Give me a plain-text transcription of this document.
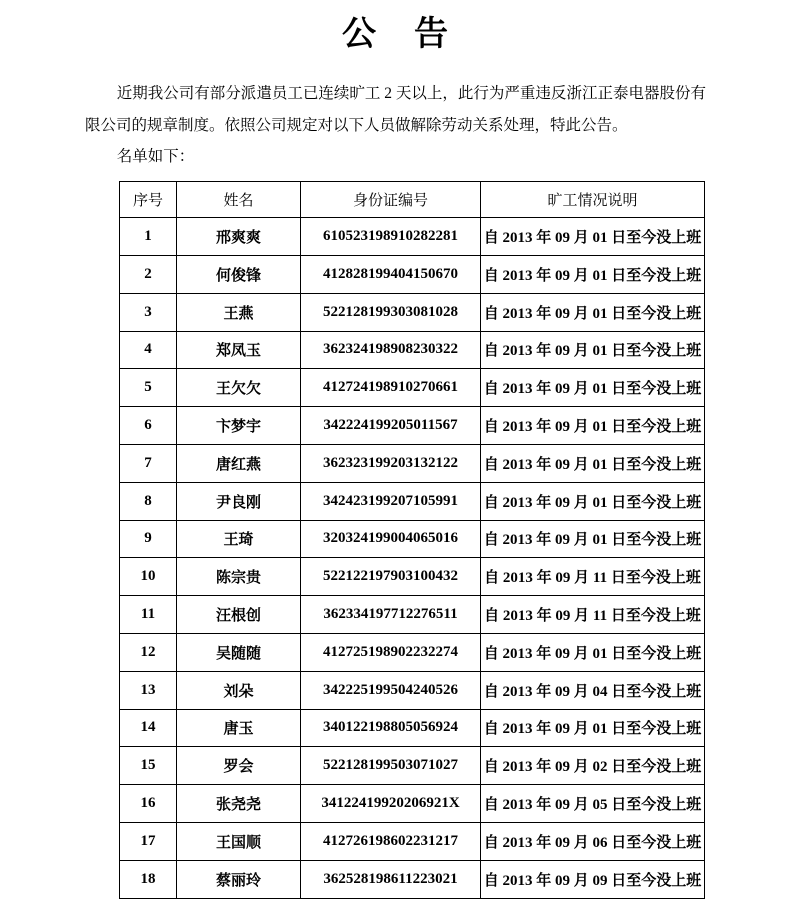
公　告

近期我公司有部分派遣员工已连续旷工 2 天以上，此行为严重违反浙江正泰电器股份有限公司的规章制度。依照公司规定对以下人员做解除劳动关系处理，特此公告。

名单如下：

序号	姓名	身份证编号	旷工情况说明
1	邢爽爽	610523198910282281	自 2013 年 09 月 01 日至今没上班
2	何俊锋	412828199404150670	自 2013 年 09 月 01 日至今没上班
3	王燕	522128199303081028	自 2013 年 09 月 01 日至今没上班
4	郑凤玉	362324198908230322	自 2013 年 09 月 01 日至今没上班
5	王欠欠	412724198910270661	自 2013 年 09 月 01 日至今没上班
6	卞梦宇	342224199205011567	自 2013 年 09 月 01 日至今没上班
7	唐红燕	362323199203132122	自 2013 年 09 月 01 日至今没上班
8	尹良刚	342423199207105991	自 2013 年 09 月 01 日至今没上班
9	王琦	320324199004065016	自 2013 年 09 月 01 日至今没上班
10	陈宗贵	522122197903100432	自 2013 年 09 月 11 日至今没上班
11	汪根创	362334197712276511	自 2013 年 09 月 11 日至今没上班
12	吴随随	412725198902232274	自 2013 年 09 月 01 日至今没上班
13	刘朵	342225199504240526	自 2013 年 09 月 04 日至今没上班
14	唐玉	340122198805056924	自 2013 年 09 月 01 日至今没上班
15	罗会	522128199503071027	自 2013 年 09 月 02 日至今没上班
16	张尧尧	34122419920206921X	自 2013 年 09 月 05 日至今没上班
17	王国顺	412726198602231217	自 2013 年 09 月 06 日至今没上班
18	蔡丽玲	362528198611223021	自 2013 年 09 月 09 日至今没上班
